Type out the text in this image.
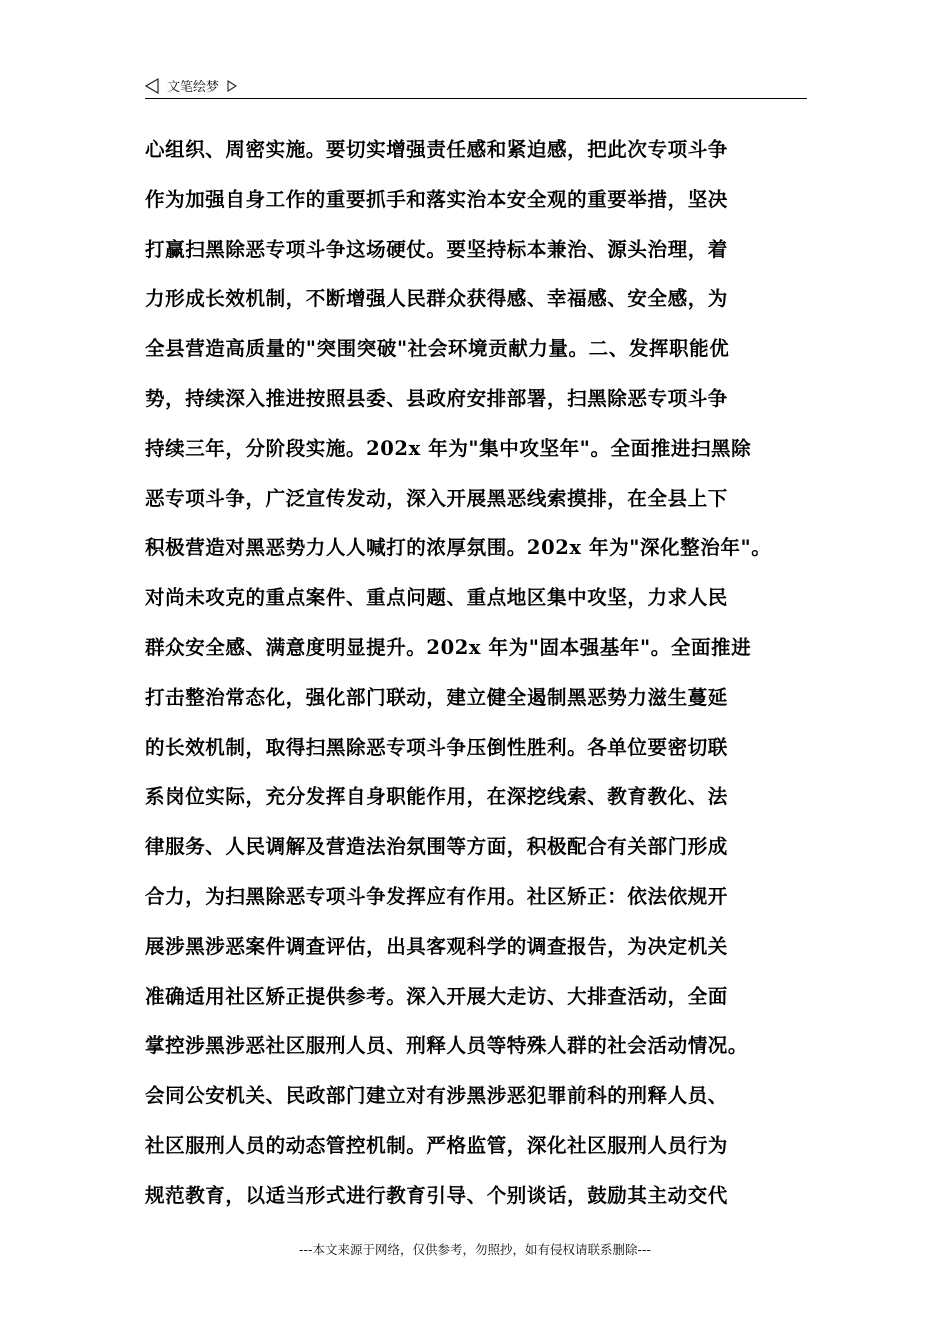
文笔绘梦
心组织、周密实施。要切实增强责任感和紧迫感，把此次专项斗争
作为加强自身工作的重要抓手和落实治本安全观的重要举措，坚决
打赢扫黑除恶专项斗争这场硬仗。要坚持标本兼治、源头治理，着
力形成长效机制，不断增强人民群众获得感、幸福感、安全感，为
全县营造高质量的"突围突破"社会环境贡献力量。二、发挥职能优
势，持续深入推进按照县委、县政府安排部署，扫黑除恶专项斗争
持续三年，分阶段实施。202x 年为"集中攻坚年"。全面推进扫黑除
恶专项斗争，广泛宣传发动，深入开展黑恶线索摸排，在全县上下
积极营造对黑恶势力人人喊打的浓厚氛围。202x 年为"深化整治年"。
对尚未攻克的重点案件、重点问题、重点地区集中攻坚，力求人民
群众安全感、满意度明显提升。202x 年为"固本强基年"。全面推进
打击整治常态化，强化部门联动，建立健全遏制黑恶势力滋生蔓延
的长效机制，取得扫黑除恶专项斗争压倒性胜利。各单位要密切联
系岗位实际，充分发挥自身职能作用，在深挖线索、教育教化、法
律服务、人民调解及营造法治氛围等方面，积极配合有关部门形成
合力，为扫黑除恶专项斗争发挥应有作用。社区矫正：依法依规开
展涉黑涉恶案件调查评估，出具客观科学的调查报告，为决定机关
准确适用社区矫正提供参考。深入开展大走访、大排查活动，全面
掌控涉黑涉恶社区服刑人员、刑释人员等特殊人群的社会活动情况。
会同公安机关、民政部门建立对有涉黑涉恶犯罪前科的刑释人员、
社区服刑人员的动态管控机制。严格监管，深化社区服刑人员行为
规范教育，以适当形式进行教育引导、个别谈话，鼓励其主动交代
---本文来源于网络，仅供参考，勿照抄，如有侵权请联系删除---
